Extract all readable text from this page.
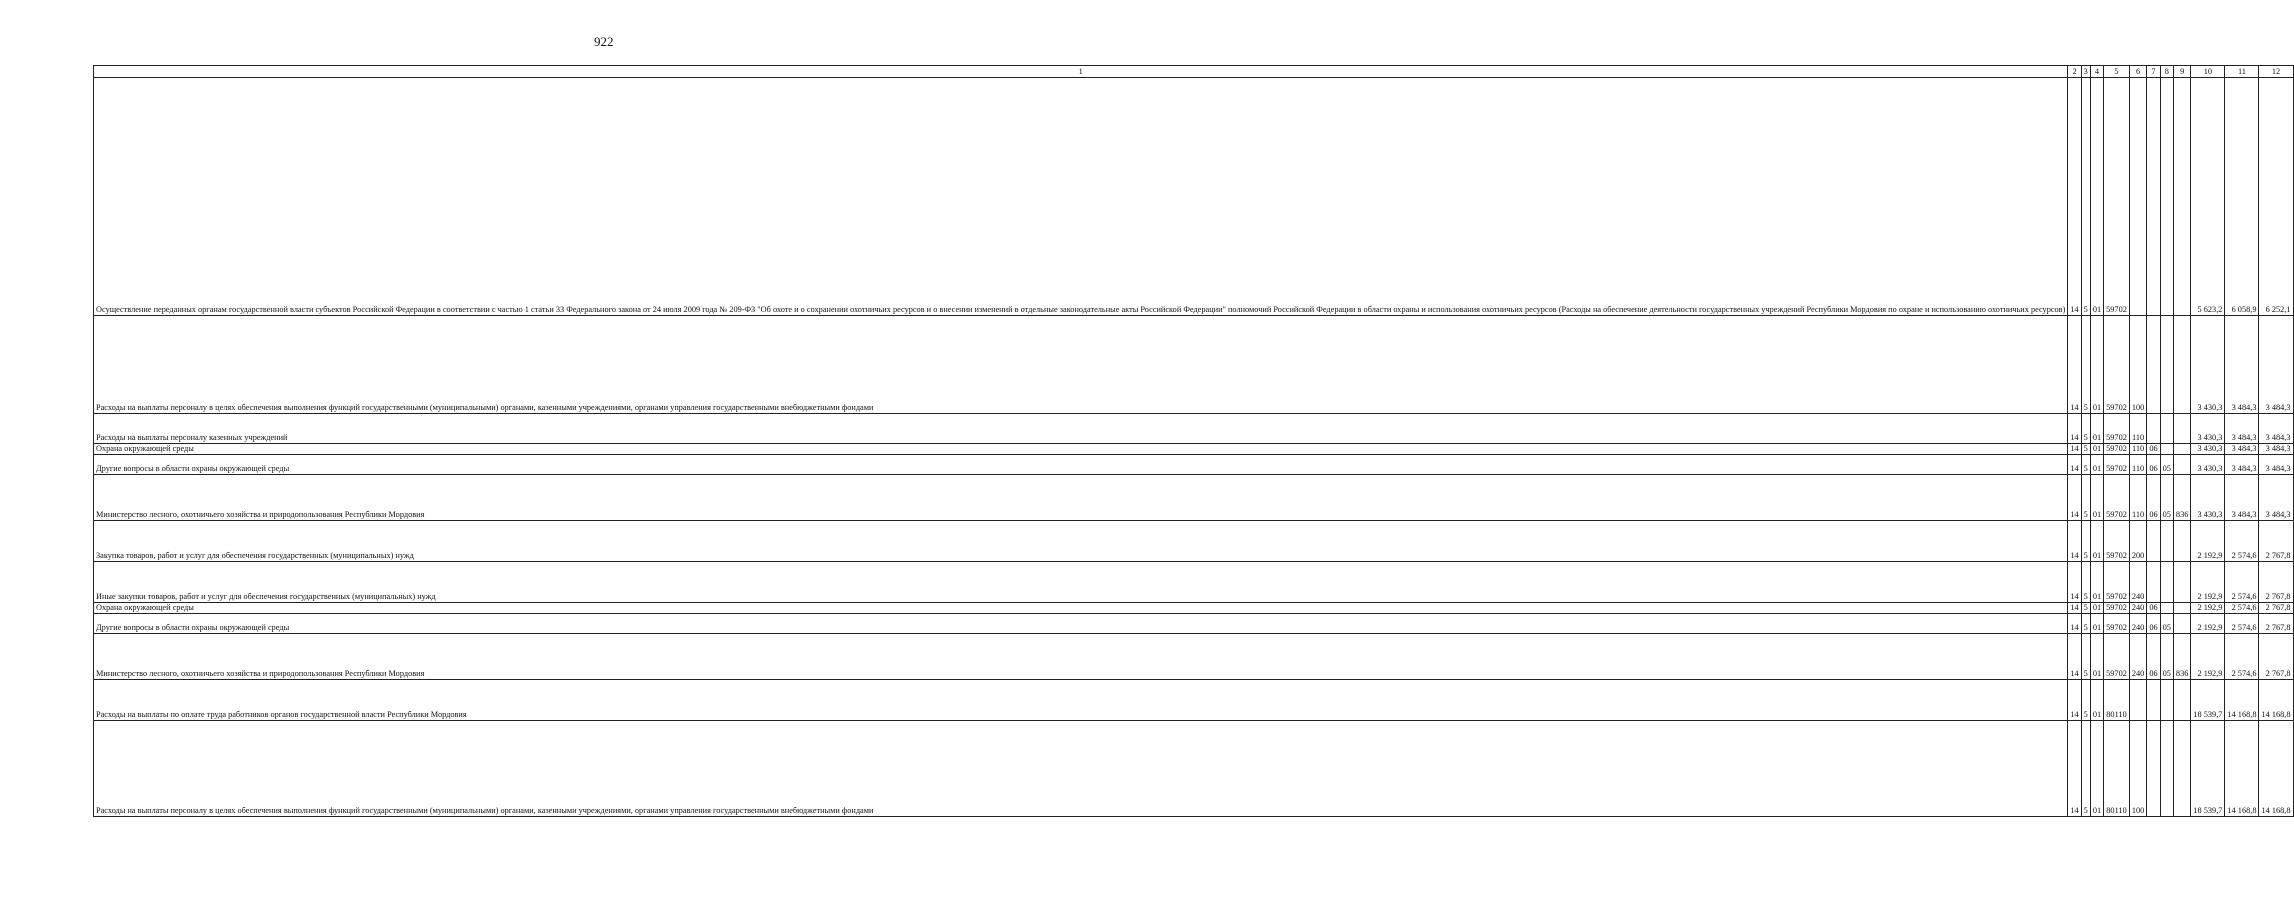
922
1	2	3	4	5	6	7	8	9	10	11	12
Осуществление переданных органам государственной власти субъектов Российской Федерации в соответствии с частью 1 статьи 33 Федерального закона от 24 июля 2009 года № 209-ФЗ "Об охоте и о сохранении охотничьих ресурсов и о внесении изменений в отдельные законодательные акты Российской Федерации" полномочий Российской Федерации в области охраны и использования охотничьих ресурсов (Расходы на обеспечение деятельности государственных учреждений Республики Мордовия по охране и использованию охотничьих ресурсов)	14	5	01	59702					5 623,2	6 058,9	6 252,1
Расходы на выплаты персоналу в целях обеспечения выполнения функций государственными (муниципальными) органами, казенными учреждениями, органами управления государственными внебюджетными фондами	14	5	01	59702	100				3 430,3	3 484,3	3 484,3
Расходы на выплаты персоналу казенных учреждений	14	5	01	59702	110				3 430,3	3 484,3	3 484,3
Охрана окружающей среды	14	5	01	59702	110	06			3 430,3	3 484,3	3 484,3
Другие вопросы в области охраны окружающей среды	14	5	01	59702	110	06	05		3 430,3	3 484,3	3 484,3
Министерство лесного, охотничьего хозяйства и природопользования Республики Мордовия	14	5	01	59702	110	06	05	836	3 430,3	3 484,3	3 484,3
Закупка товаров, работ и услуг для обеспечения государственных (муниципальных) нужд	14	5	01	59702	200				2 192,9	2 574,6	2 767,8
Иные закупки товаров, работ и услуг для обеспечения государственных (муниципальных) нужд	14	5	01	59702	240				2 192,9	2 574,6	2 767,8
Охрана окружающей среды	14	5	01	59702	240	06			2 192,9	2 574,6	2 767,8
Другие вопросы в области охраны окружающей среды	14	5	01	59702	240	06	05		2 192,9	2 574,6	2 767,8
Министерство лесного, охотничьего хозяйства и природопользования Республики Мордовия	14	5	01	59702	240	06	05	836	2 192,9	2 574,6	2 767,8
Расходы на выплаты по оплате труда работников органов государственной власти Республики Мордовия	14	5	01	80110					18 539,7	14 168,8	14 168,8
Расходы на выплаты персоналу в целях обеспечения выполнения функций государственными (муниципальными) органами, казенными учреждениями, органами управления государственными внебюджетными фондами	14	5	01	80110	100				18 539,7	14 168,8	14 168,8
